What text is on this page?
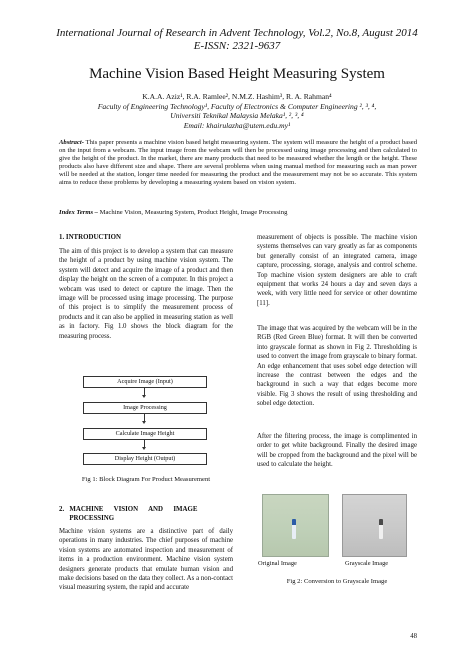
International Journal of Research in Advent Technology, Vol.2, No.8, August 2014
E-ISSN: 2321-9637
Machine Vision Based Height Measuring System
K.A.A. Aziz¹, R.A. Ramlee², N.M.Z. Hashim³, R. A. Rahman⁴
Faculty of Engineering Technology¹, Faculty of Electronics & Computer Engineering ², ³, ⁴,
Universiti Teknikal Malaysia Melaka¹, ², ³, ⁴
Email: khairulazha@utem.edu.my¹
Abstract- This paper presents a machine vision based height measuring system. The system will measure the height of a product based on the input from a webcam. The input image from the webcam will then be processed using image processing and then calculated to give the height of the product. In the market, there are many products that need to be measured whether the length or the height. These products also have different size and shape. There are several problems when using manual method for measuring such as man power will be needed at the station, longer time needed for measuring the product and the measurement may not be so accurate. This system aims to reduce these problems by developing a measuring system based on vision system.
Index Terms – Machine Vision, Measuring System, Product Height, Image Processing
1. INTRODUCTION
The aim of this project is to develop a system that can measure the height of a product by using machine vision system. The system will detect and acquire the image of a product and then display the height on the screen of a computer. In this project a webcam was used to detect or capture the image. Then the image will be processed using image processing. The purpose of this project is to simplify the measurement process of products and it can also be applied in measuring station as well as in factory. Fig 1.0 shows the block diagram for the measuring process.
Acquire Image (Input)
Image Processing
Calculate Image Height
Display Height (Output)
Fig 1: Block Diagram For Product Measurement
2.   MACHINE      VISION      AND      IMAGE
PROCESSING
Machine vision systems are a distinctive part of daily operations in many industries. The chief purposes of machine vision systems are automated inspection and measurement of items in a production environment. Machine vision system designers generate products that emulate human vision and make decisions based on the data they collect. As a non-contact visual measuring system, the rapid and accurate
measurement of objects is possible. The machine vision systems themselves can vary greatly as far as components but generally consist of an integrated camera, image capture, processing, storage, analysis and control scheme. Top machine vision system designers are able to craft equipment that works 24 hours a day and seven days a week, with very little need for service or other downtime [11].
The image that was acquired by the webcam will be in the RGB (Red Green Blue) format. It will then be converted into grayscale format as shown in Fig 2. Thresholding is used to convert the image from grayscale to binary format. An edge enhancement that uses sobel edge detection will increase the contrast between the edges and the background in such a way that edges become more visible. Fig 3 shows the result of using thresholding and sobel edge detection.
After the filtering process, the image is complimented in order to get white background. Finally the desired image will be cropped from the background and the pixel will be used to calculate the height.
Original Image	Grayscale Image
Fig 2: Conversion to Grayscale Image
48
